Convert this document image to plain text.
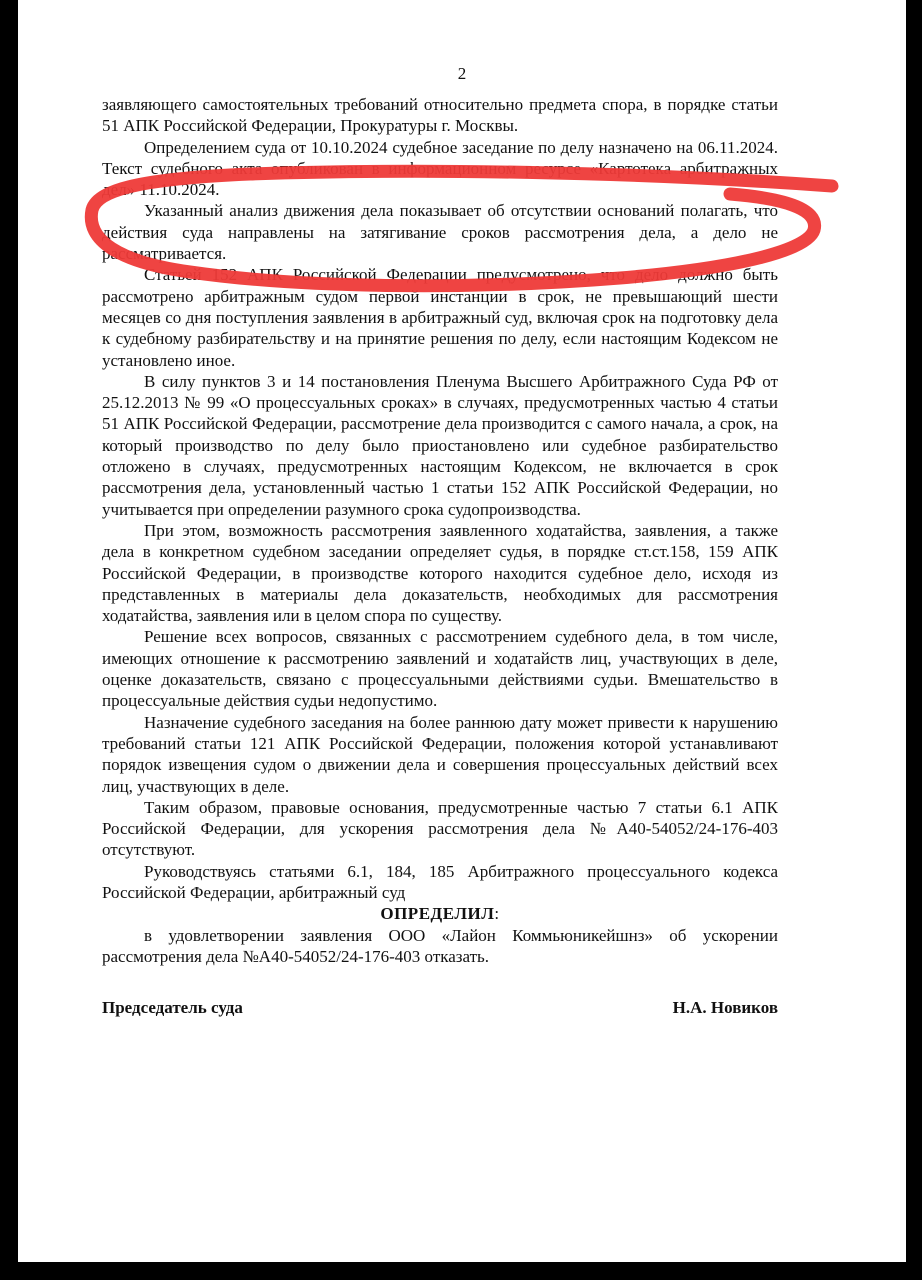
2

заявляющего самостоятельных требований относительно предмета спора, в порядке статьи 51 АПК Российской Федерации, Прокуратуры г. Москвы.

Определением суда от 10.10.2024 судебное заседание по делу назначено на 06.11.2024. Текст судебного акта опубликован в информационном ресурсе «Картотека арбитражных дел» 11.10.2024.

Указанный анализ движения дела показывает об отсутствии оснований полагать, что действия суда направлены на затягивание сроков рассмотрения дела, а дело не рассматривается.

Статьей 152 АПК Российской Федерации предусмотрено, что дело должно быть рассмотрено арбитражным судом первой инстанции в срок, не превышающий шести месяцев со дня поступления заявления в арбитражный суд, включая срок на подготовку дела к судебному разбирательству и на принятие решения по делу, если настоящим Кодексом не установлено иное.

В силу пунктов 3 и 14 постановления Пленума Высшего Арбитражного Суда РФ от 25.12.2013 № 99 «О процессуальных сроках» в случаях, предусмотренных частью 4 статьи 51 АПК Российской Федерации, рассмотрение дела производится с самого начала, а срок, на который производство по делу было приостановлено или судебное разбирательство отложено в случаях, предусмотренных настоящим Кодексом, не включается в срок рассмотрения дела, установленный частью 1 статьи 152 АПК Российской Федерации, но учитывается при определении разумного срока судопроизводства.

При этом, возможность рассмотрения заявленного ходатайства, заявления, а также дела в конкретном судебном заседании определяет судья, в порядке ст.ст.158, 159 АПК Российской Федерации, в производстве которого находится судебное дело, исходя из представленных в материалы дела доказательств, необходимых для рассмотрения ходатайства, заявления или в целом спора по существу.

Решение всех вопросов, связанных с рассмотрением судебного дела, в том числе, имеющих отношение к рассмотрению заявлений и ходатайств лиц, участвующих в деле, оценке доказательств, связано с процессуальными действиями судьи. Вмешательство в процессуальные действия судьи недопустимо.

Назначение судебного заседания на более раннюю дату может привести к нарушению требований статьи 121 АПК Российской Федерации, положения которой устанавливают порядок извещения судом о движении дела и совершения процессуальных действий всех лиц, участвующих в деле.

Таким образом, правовые основания, предусмотренные частью 7 статьи 6.1 АПК Российской Федерации, для ускорения рассмотрения дела №А40-54052/24-176-403 отсутствуют.

Руководствуясь статьями 6.1, 184, 185 Арбитражного процессуального кодекса Российской Федерации, арбитражный суд

ОПРЕДЕЛИЛ:

в удовлетворении заявления ООО «Лайон Коммьюникейшнз» об ускорении рассмотрения дела №А40-54052/24-176-403 отказать.

Председатель суда	Н.А. Новиков
